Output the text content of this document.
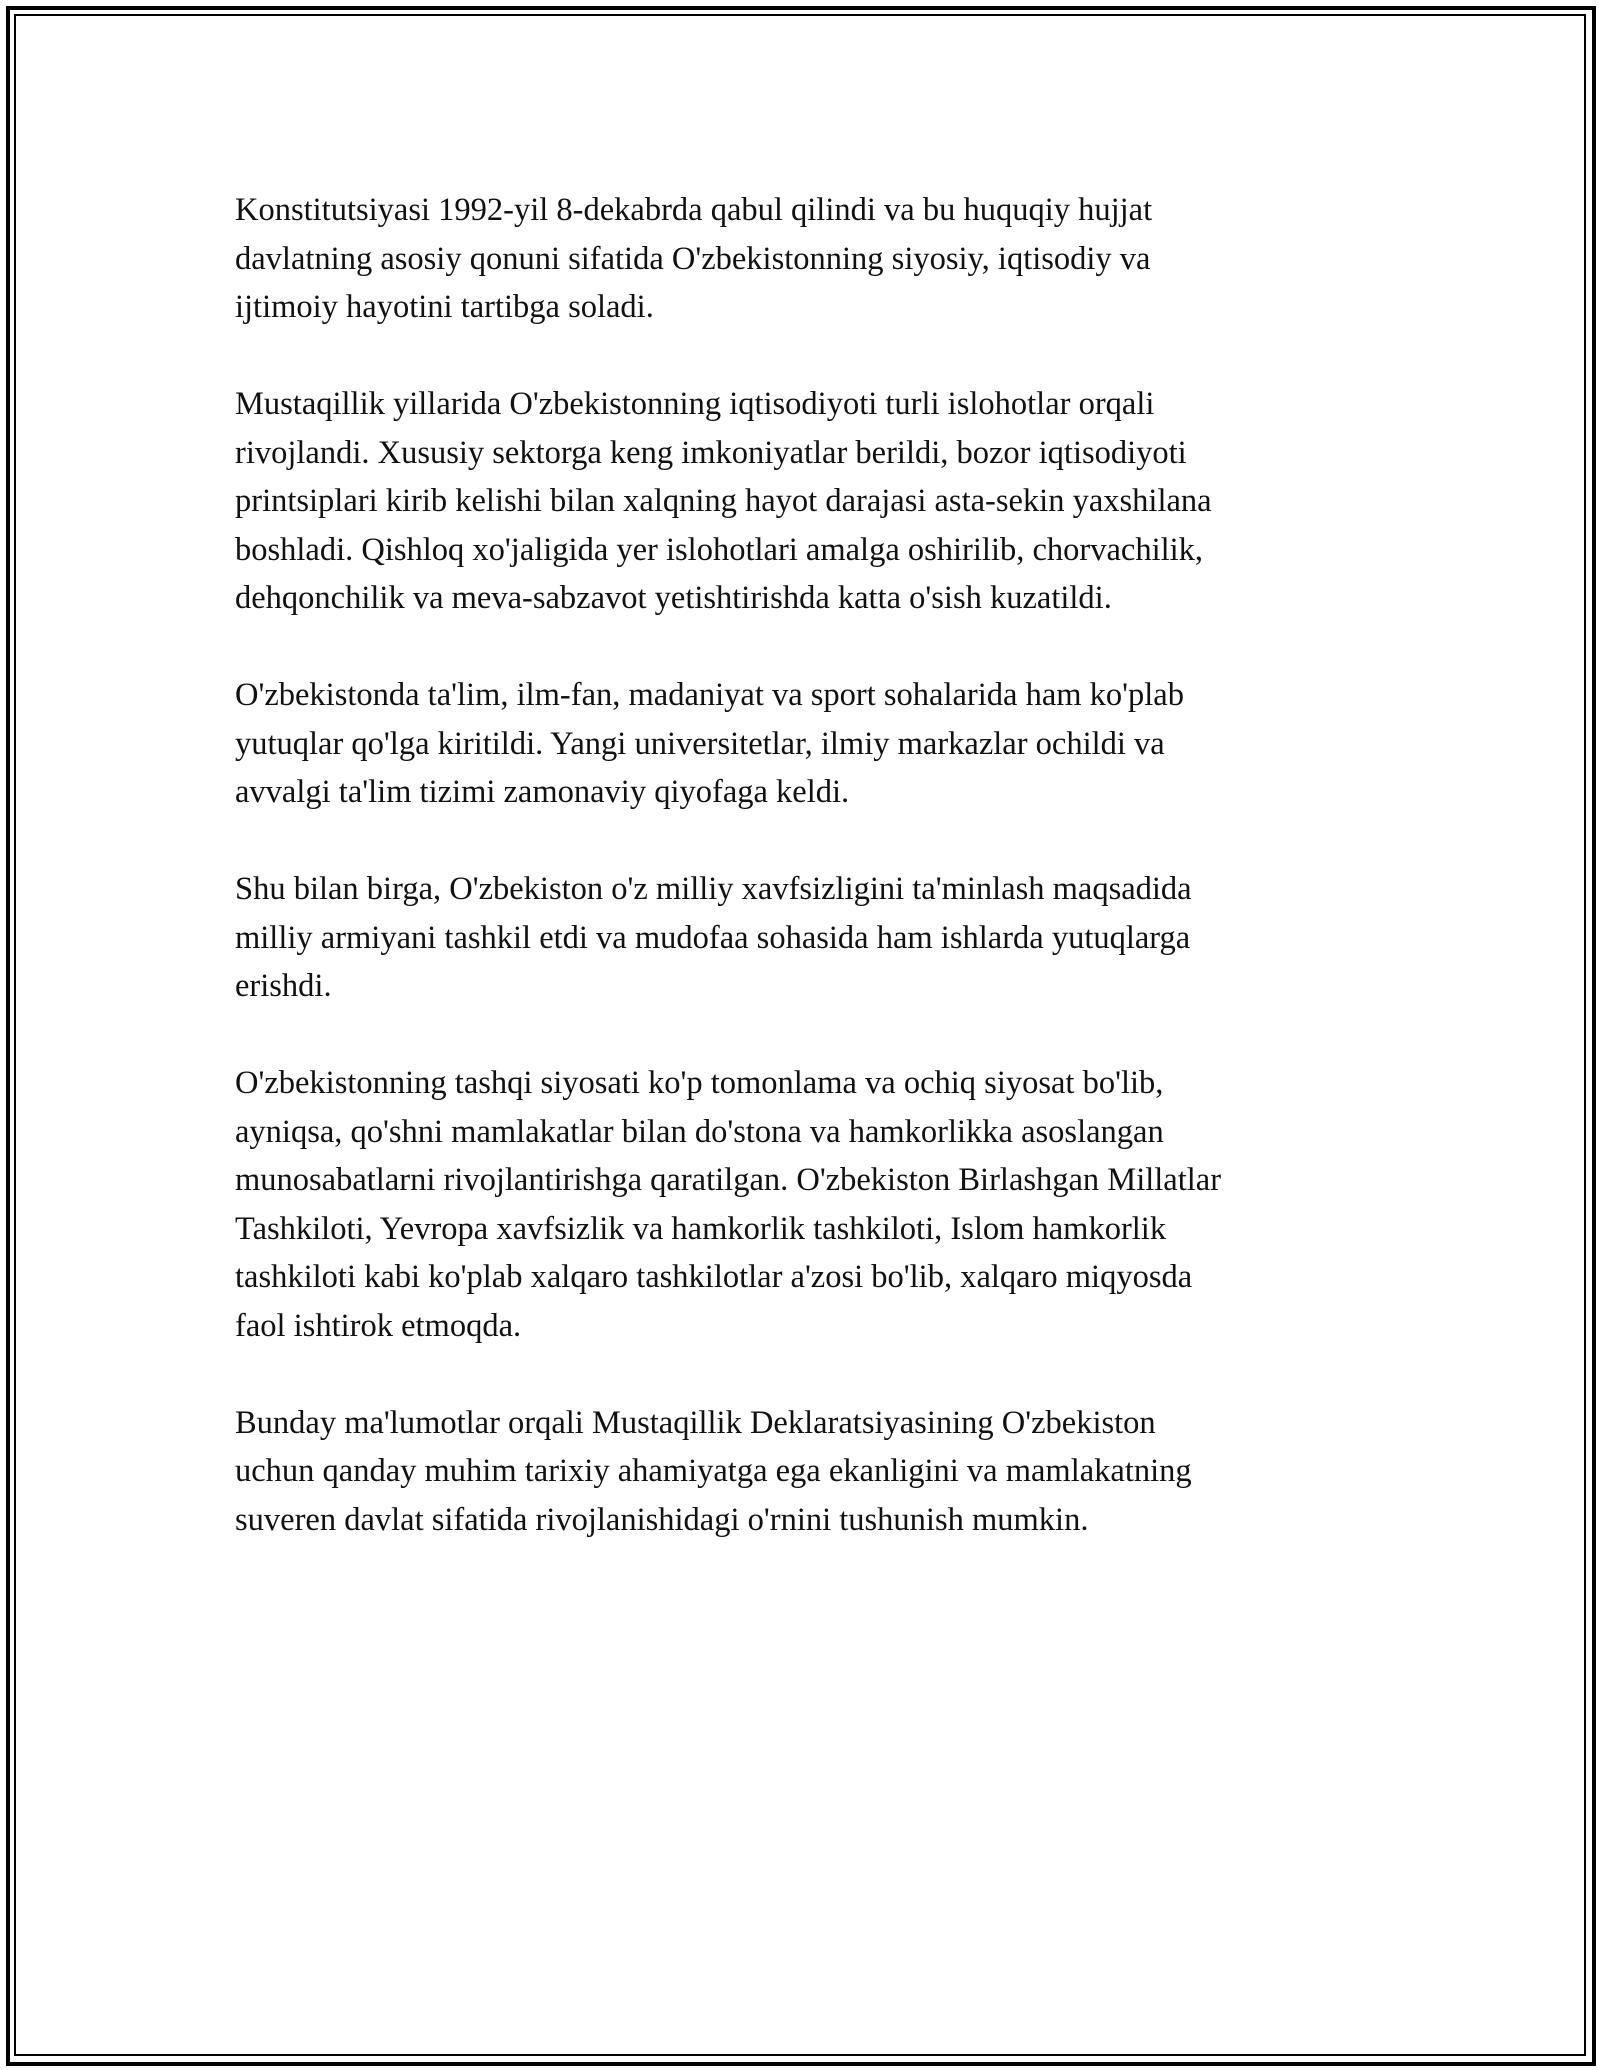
Konstitutsiyasi 1992-yil 8-dekabrda qabul qilindi va bu huquqiy hujjat
davlatning asosiy qonuni sifatida O'zbekistonning siyosiy, iqtisodiy va
ijtimoiy hayotini tartibga soladi.

Mustaqillik yillarida O'zbekistonning iqtisodiyoti turli islohotlar orqali
rivojlandi. Xususiy sektorga keng imkoniyatlar berildi, bozor iqtisodiyoti
printsiplari kirib kelishi bilan xalqning hayot darajasi asta-sekin yaxshilana
boshladi. Qishloq xo'jaligida yer islohotlari amalga oshirilib, chorvachilik,
dehqonchilik va meva-sabzavot yetishtirishda katta o'sish kuzatildi.

O'zbekistonda ta'lim, ilm-fan, madaniyat va sport sohalarida ham ko'plab
yutuqlar qo'lga kiritildi. Yangi universitetlar, ilmiy markazlar ochildi va
avvalgi ta'lim tizimi zamonaviy qiyofaga keldi.

Shu bilan birga, O'zbekiston o'z milliy xavfsizligini ta'minlash maqsadida
milliy armiyani tashkil etdi va mudofaa sohasida ham ishlarda yutuqlarga
erishdi.

O'zbekistonning tashqi siyosati ko'p tomonlama va ochiq siyosat bo'lib,
ayniqsa, qo'shni mamlakatlar bilan do'stona va hamkorlikka asoslangan
munosabatlarni rivojlantirishga qaratilgan. O'zbekiston Birlashgan Millatlar
Tashkiloti, Yevropa xavfsizlik va hamkorlik tashkiloti, Islom hamkorlik
tashkiloti kabi ko'plab xalqaro tashkilotlar a'zosi bo'lib, xalqaro miqyosda
faol ishtirok etmoqda.

Bunday ma'lumotlar orqali Mustaqillik Deklaratsiyasining O'zbekiston
uchun qanday muhim tarixiy ahamiyatga ega ekanligini va mamlakatning
suveren davlat sifatida rivojlanishidagi o'rnini tushunish mumkin.
